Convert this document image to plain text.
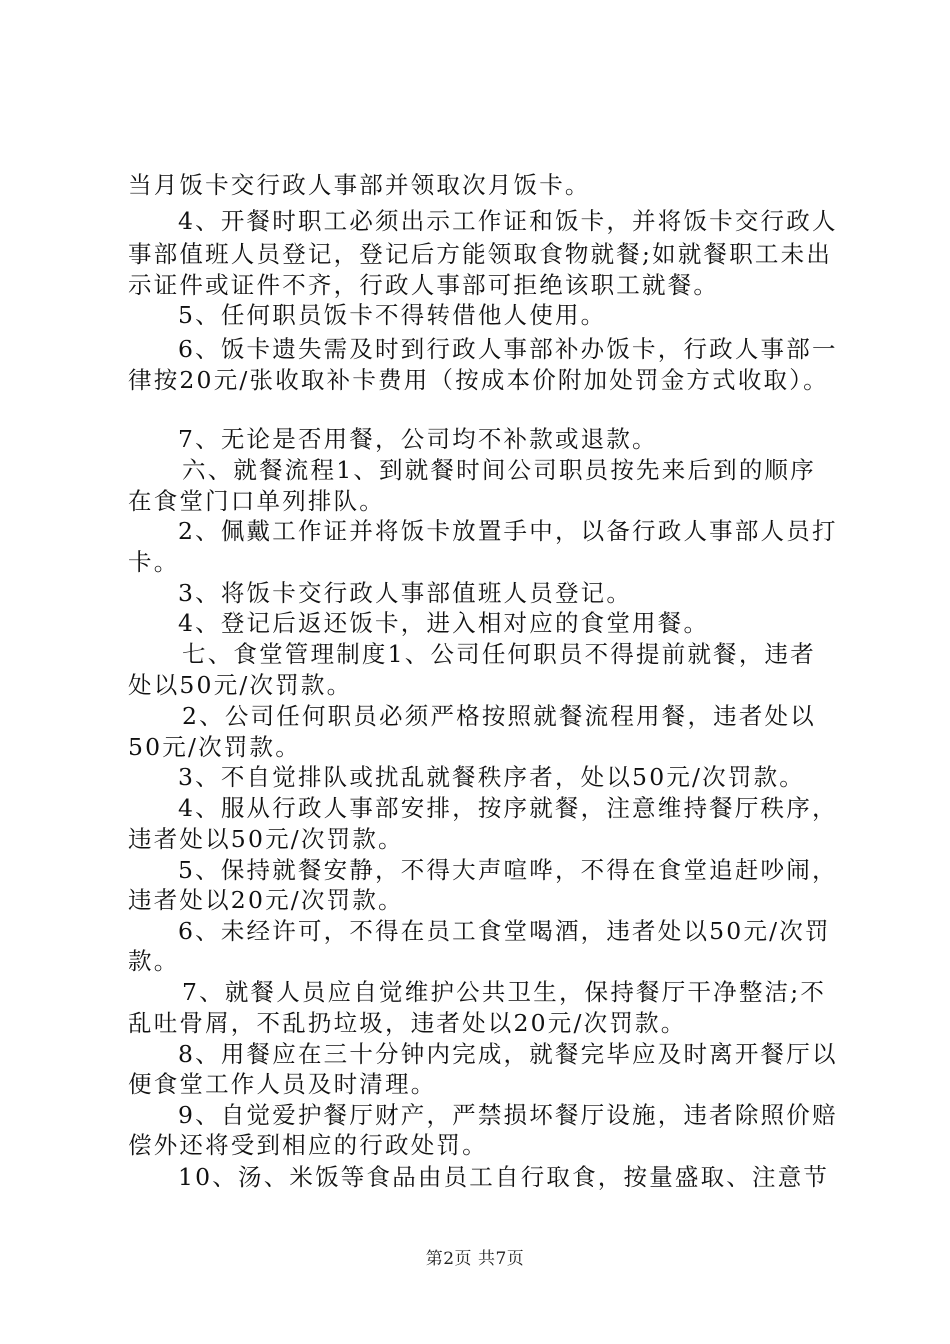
当月饭卡交行政人事部并领取次月饭卡。
4、开餐时职工必须出示工作证和饭卡，并将饭卡交行政人
事部值班人员登记，登记后方能领取食物就餐;如就餐职工未出
示证件或证件不齐，行政人事部可拒绝该职工就餐。
5、任何职员饭卡不得转借他人使用。
6、饭卡遗失需及时到行政人事部补办饭卡，行政人事部一
律按20元/张收取补卡费用（按成本价附加处罚金方式收取）。
7、无论是否用餐，公司均不补款或退款。
六、就餐流程1、到就餐时间公司职员按先来后到的顺序
在食堂门口单列排队。
2、佩戴工作证并将饭卡放置手中，以备行政人事部人员打
卡。
3、将饭卡交行政人事部值班人员登记。
4、登记后返还饭卡，进入相对应的食堂用餐。
七、食堂管理制度1、公司任何职员不得提前就餐，违者
处以50元/次罚款。
2、公司任何职员必须严格按照就餐流程用餐，违者处以
50元/次罚款。
3、不自觉排队或扰乱就餐秩序者，处以50元/次罚款。
4、服从行政人事部安排，按序就餐，注意维持餐厅秩序，
违者处以50元/次罚款。
5、保持就餐安静，不得大声喧哗，不得在食堂追赶吵闹，
违者处以20元/次罚款。
6、未经许可，不得在员工食堂喝酒，违者处以50元/次罚
款。
7、就餐人员应自觉维护公共卫生，保持餐厅干净整洁;不
乱吐骨屑，不乱扔垃圾，违者处以20元/次罚款。
8、用餐应在三十分钟内完成，就餐完毕应及时离开餐厅以
便食堂工作人员及时清理。
9、自觉爱护餐厅财产，严禁损坏餐厅设施，违者除照价赔
偿外还将受到相应的行政处罚。
10、汤、米饭等食品由员工自行取食，按量盛取、注意节
第2页 共7页
